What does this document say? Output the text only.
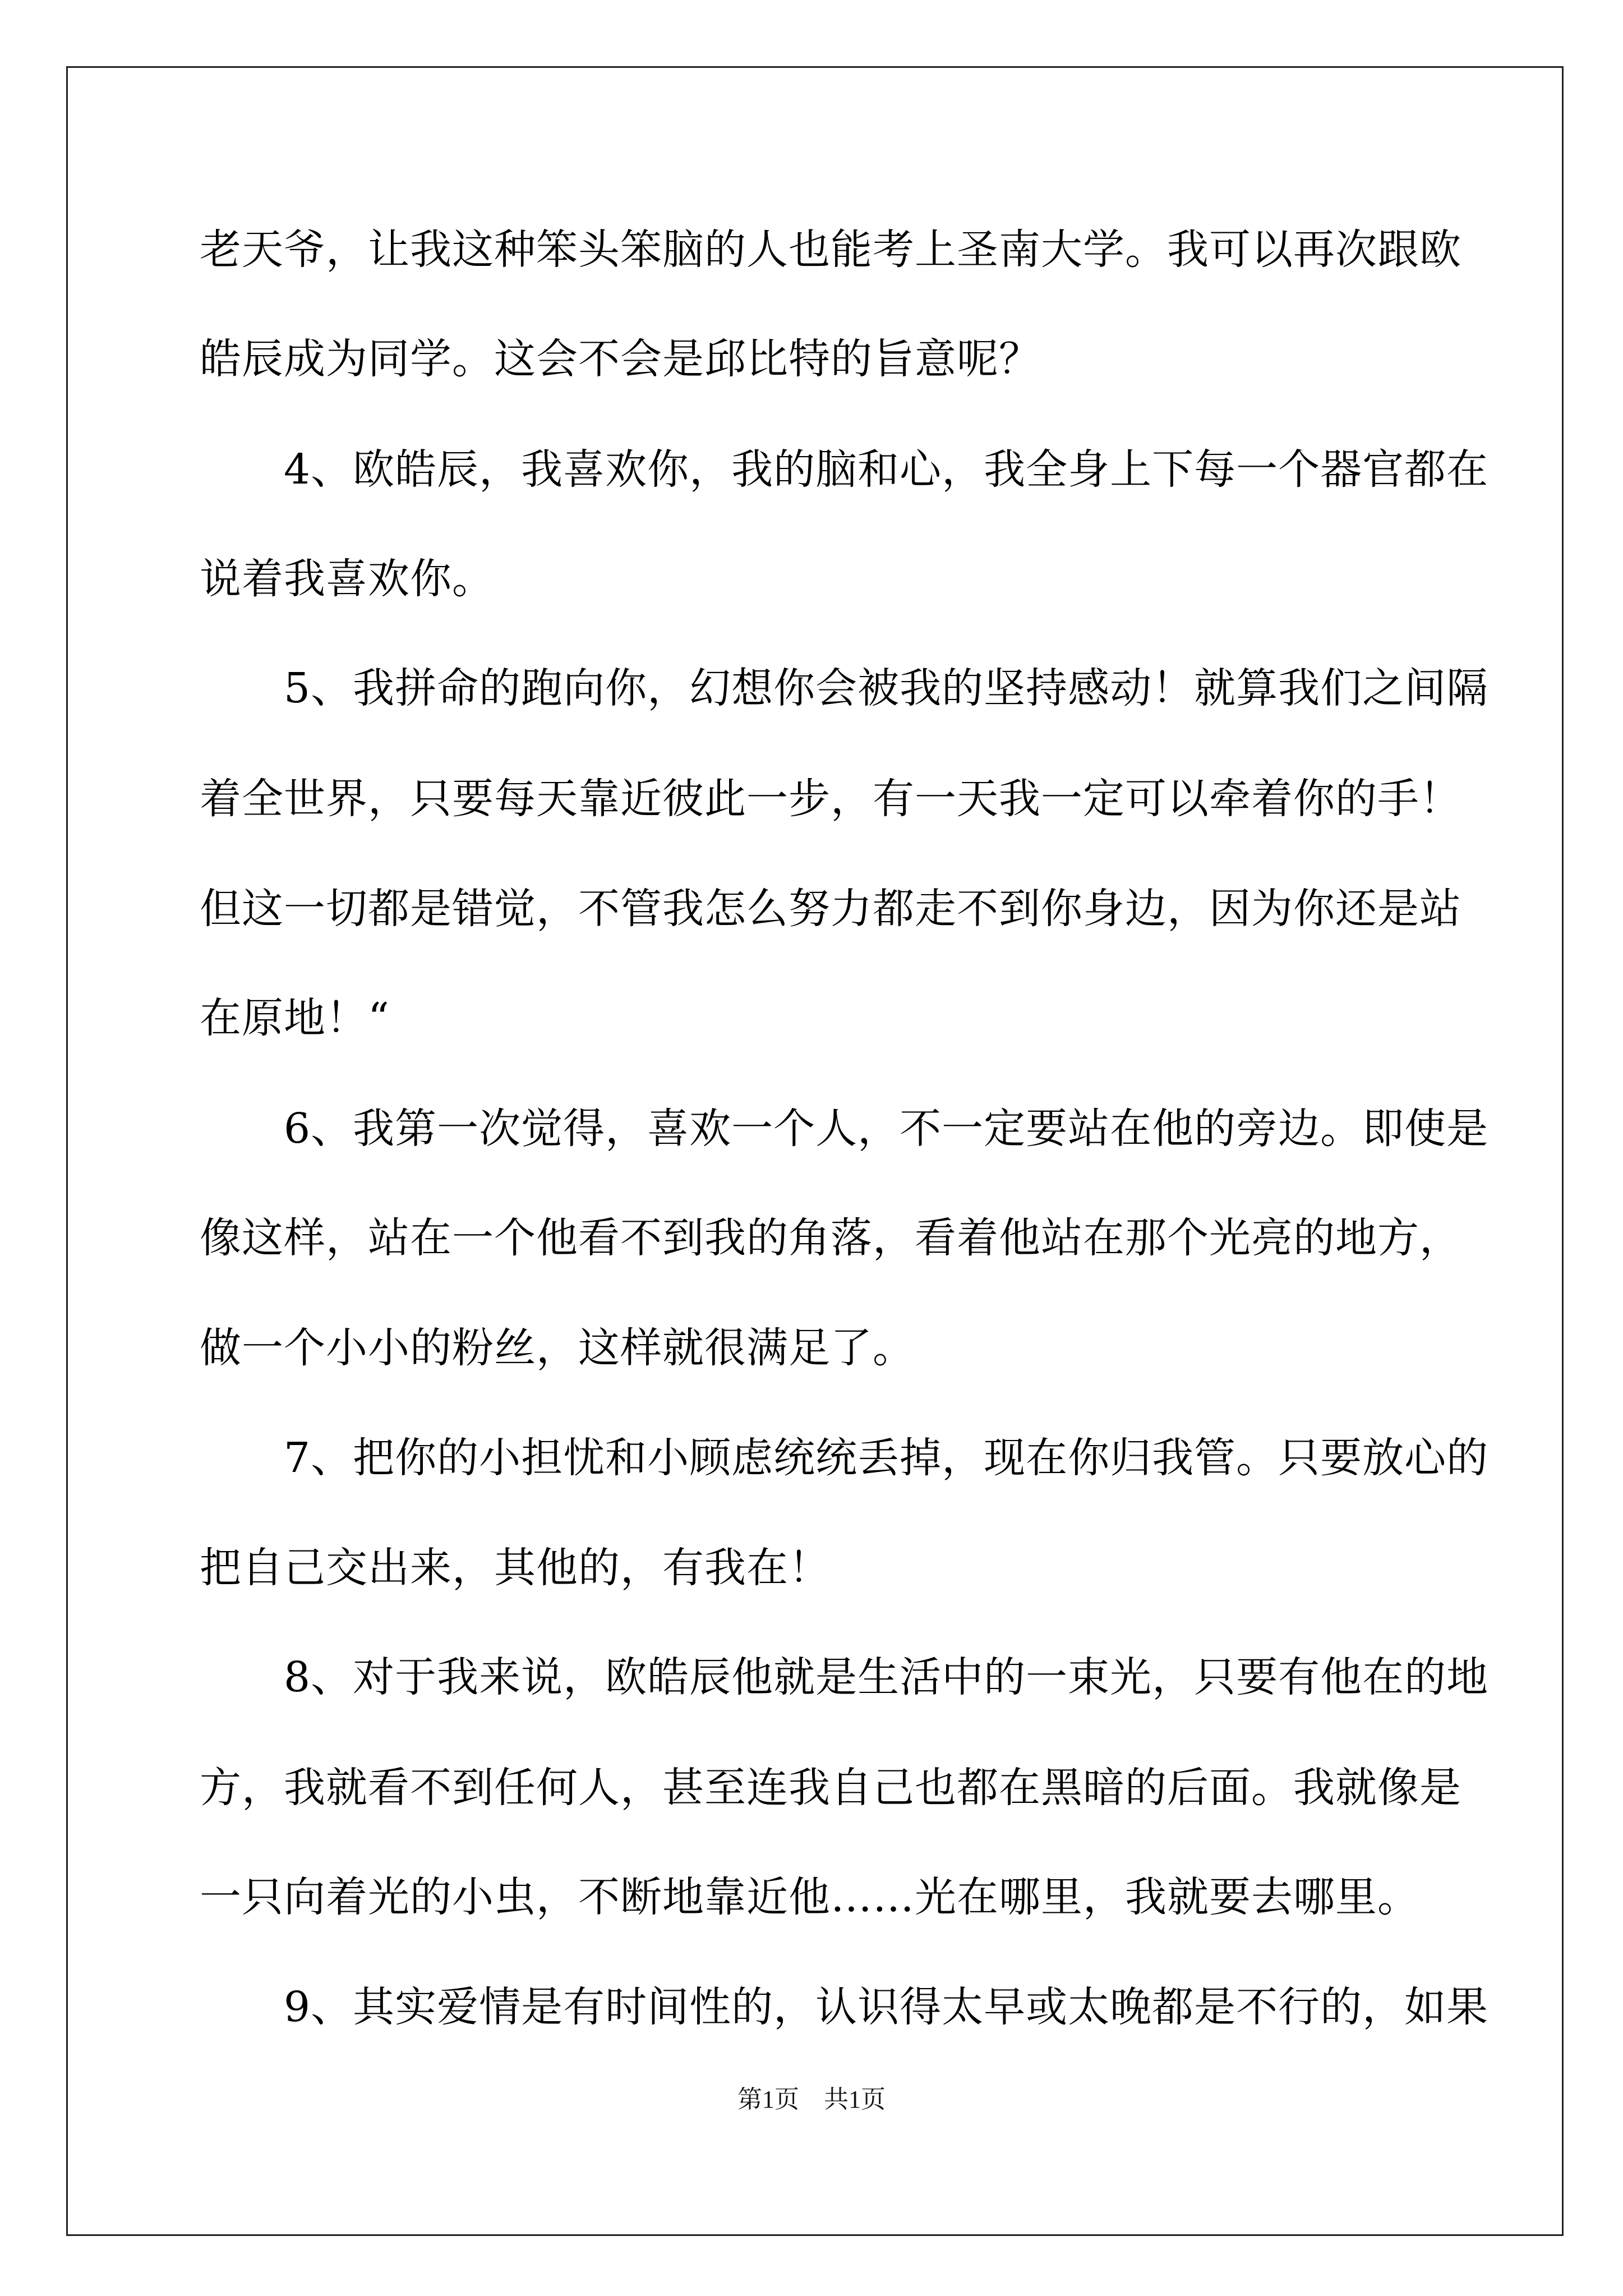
老天爷，让我这种笨头笨脑的人也能考上圣南大学。我可以再次跟欧
皓辰成为同学。这会不会是邱比特的旨意呢？
　　4、欧皓辰，我喜欢你，我的脑和心，我全身上下每一个器官都在
说着我喜欢你。
　　5、我拼命的跑向你，幻想你会被我的坚持感动！就算我们之间隔
着全世界，只要每天靠近彼此一步，有一天我一定可以牵着你的手！
但这一切都是错觉，不管我怎么努力都走不到你身边，因为你还是站
在原地！“
　　6、我第一次觉得，喜欢一个人，不一定要站在他的旁边。即使是
像这样，站在一个他看不到我的角落，看着他站在那个光亮的地方，
做一个小小的粉丝，这样就很满足了。
　　7、把你的小担忧和小顾虑统统丢掉，现在你归我管。只要放心的
把自己交出来，其他的，有我在！
　　8、对于我来说，欧皓辰他就是生活中的一束光，只要有他在的地
方，我就看不到任何人，甚至连我自己也都在黑暗的后面。我就像是
一只向着光的小虫，不断地靠近他……光在哪里，我就要去哪里。
　　9、其实爱情是有时间性的，认识得太早或太晚都是不行的，如果
第1页　共1页
